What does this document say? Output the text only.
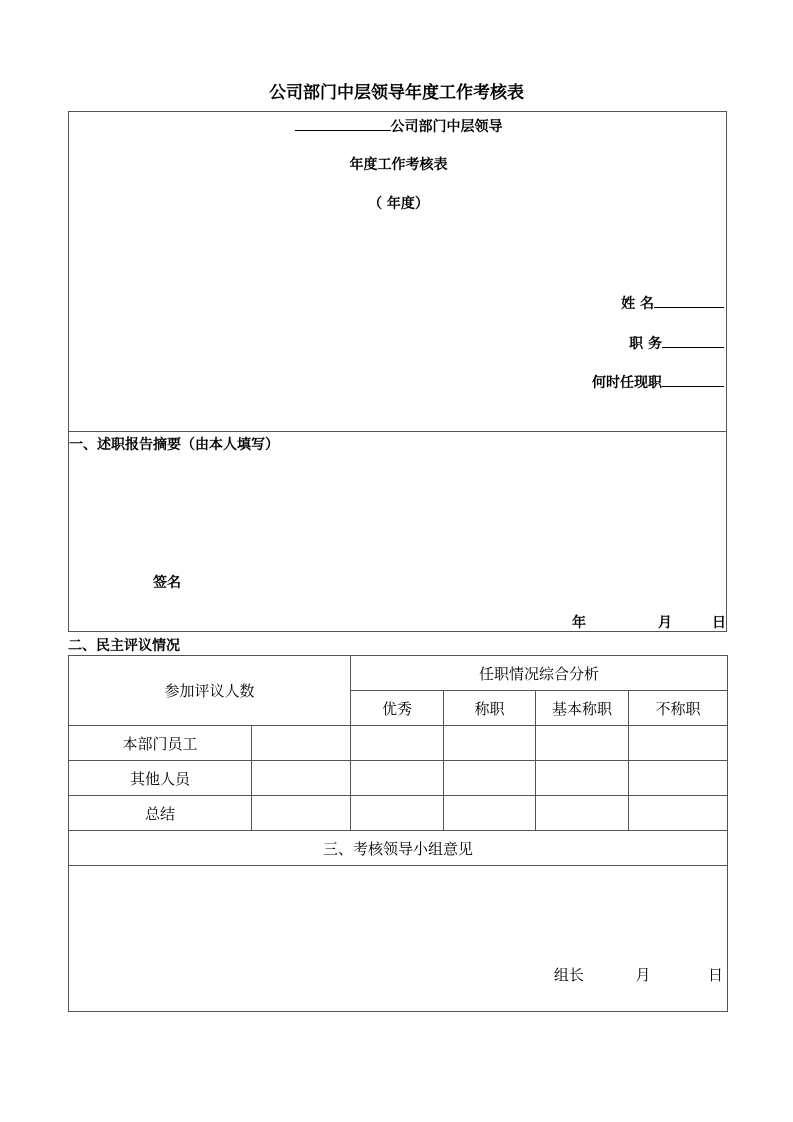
公司部门中层领导年度工作考核表
公司部门中层领导
年度工作考核表
（ 年度）
姓 名
职 务
何时任现职
一、述职报告摘要（由本人填写）
签名
年	月	日
二、民主评议情况
参加评议人数		任职情况综合分析			
		优秀	称职	基本称职	不称职
本部门员工					
其他人员					
总结					
三、考核领导小组意见					

组长 月 日					
